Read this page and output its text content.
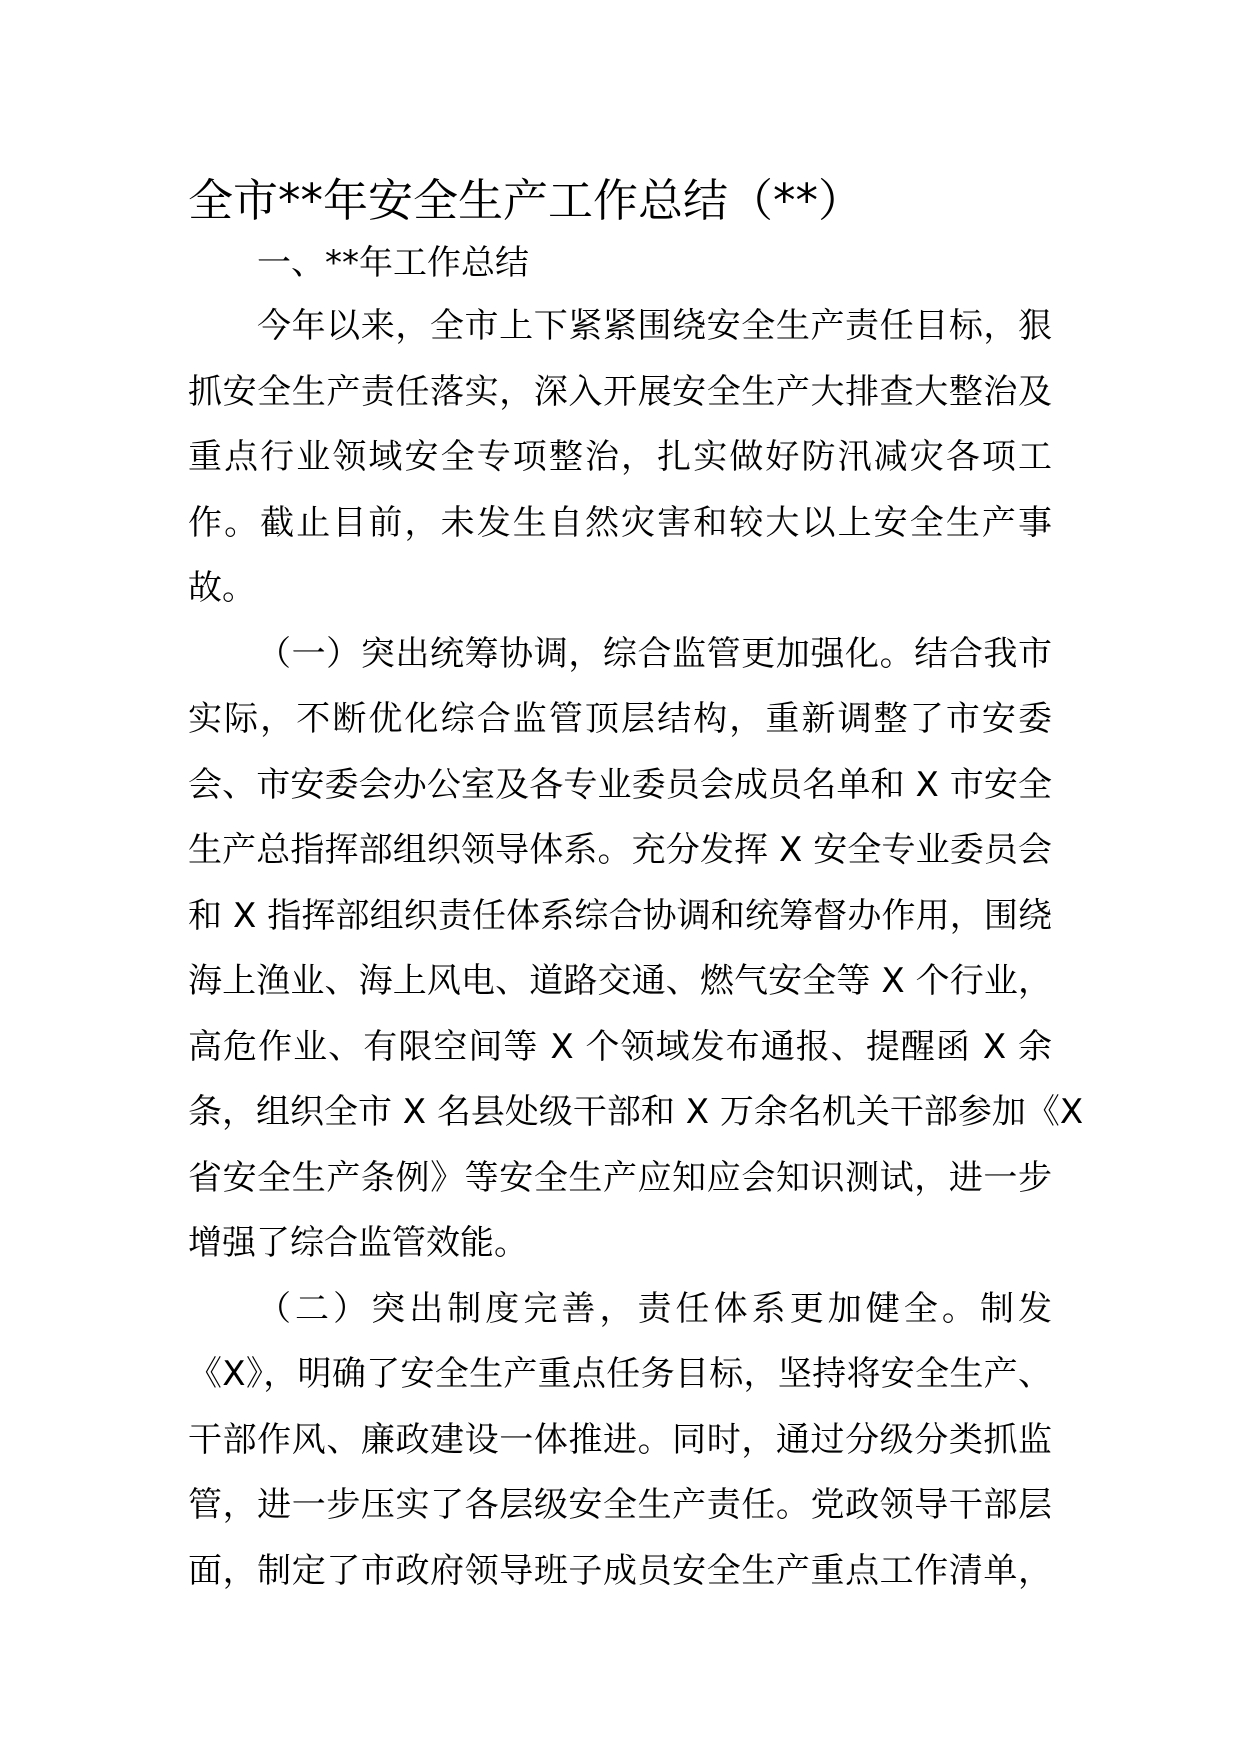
全市**年安全生产工作总结（**）
一、**年工作总结
今年以来，全市上下紧紧围绕安全生产责任目标，狠
抓安全生产责任落实，深入开展安全生产大排查大整治及
重点行业领域安全专项整治，扎实做好防汛减灾各项工
作。截止目前，未发生自然灾害和较大以上安全生产事
故。
（一）突出统筹协调，综合监管更加强化。结合我市
实际，不断优化综合监管顶层结构，重新调整了市安委
会、市安委会办公室及各专业委员会成员名单和 X 市安全
生产总指挥部组织领导体系。充分发挥 X 安全专业委员会
和 X 指挥部组织责任体系综合协调和统筹督办作用，围绕
海上渔业、海上风电、道路交通、燃气安全等 X 个行业，
高危作业、有限空间等 X 个领域发布通报、提醒函 X 余
条，组织全市 X 名县处级干部和 X 万余名机关干部参加《X
省安全生产条例》等安全生产应知应会知识测试，进一步
增强了综合监管效能。
（二）突出制度完善，责任体系更加健全。制发
《X》，明确了安全生产重点任务目标，坚持将安全生产、
干部作风、廉政建设一体推进。同时，通过分级分类抓监
管，进一步压实了各层级安全生产责任。党政领导干部层
面，制定了市政府领导班子成员安全生产重点工作清单，
